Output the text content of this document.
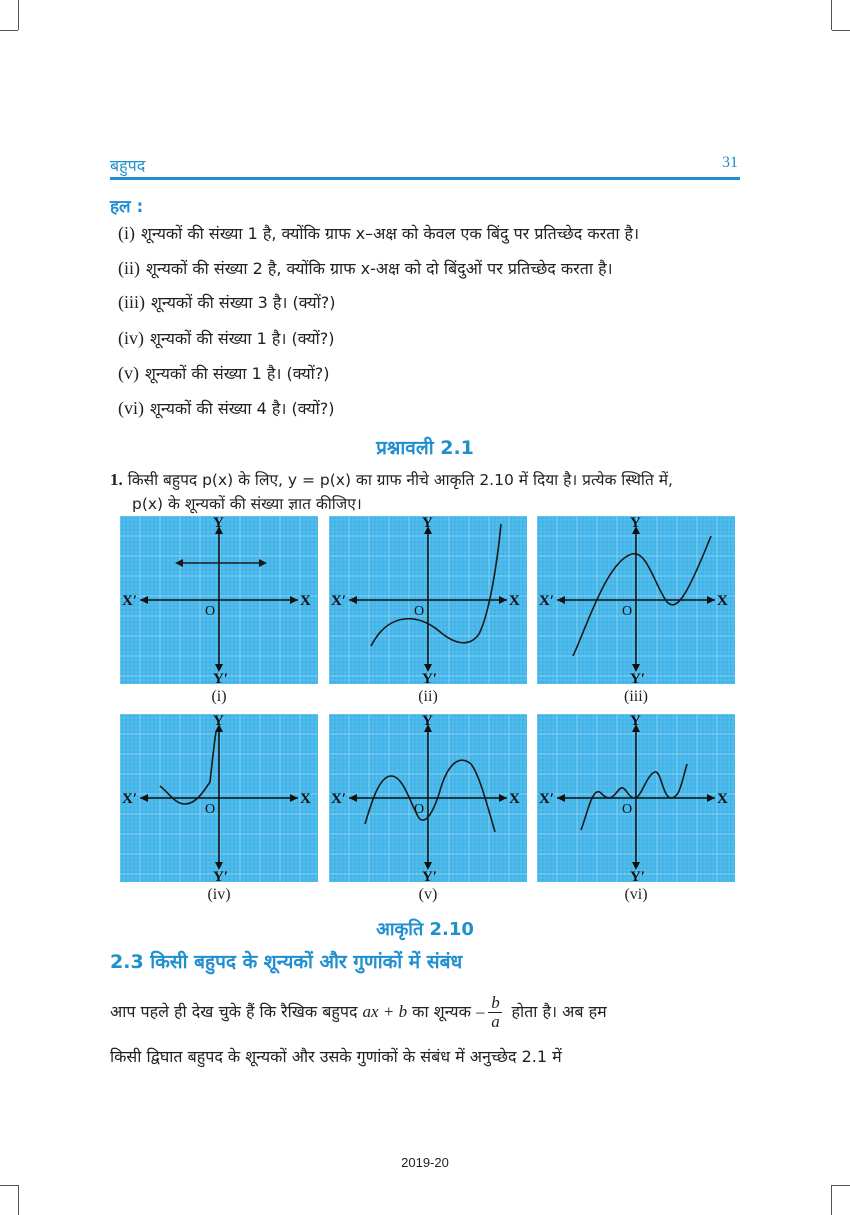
बहुपद	31
हल :
(i) शून्यकों की संख्या 1 है, क्योंकि ग्राफ x–अक्ष को केवल एक बिंदु पर प्रतिच्छेद करता है।
(ii) शून्यकों की संख्या 2 है, क्योंकि ग्राफ x-अक्ष को दो बिंदुओं पर प्रतिच्छेद करता है।
(iii) शून्यकों की संख्या 3 है। (क्यों?)
(iv) शून्यकों की संख्या 1 है। (क्यों?)
(v) शून्यकों की संख्या 1 है। (क्यों?)
(vi) शून्यकों की संख्या 4 है। (क्यों?)
प्रश्नावली 2.1
1. किसी बहुपद p(x) के लिए, y = p(x) का ग्राफ नीचे आकृति 2.10 में दिया है। प्रत्येक स्थिति में,
p(x) के शून्यकों की संख्या ज्ञात कीजिए।
X
X′
Y
Y′
O
X
X′
Y
Y′
O
X
X′
Y
Y′
O
X
X′
Y
Y′
O
X
X′
Y
Y′
O
X
X′
Y
Y′
O
(i)	(ii)	(iii)
(iv)	(v)	(vi)
आकृति 2.10
2.3 किसी बहुपद के शून्यकों और गुणांकों में संबंध
आप पहले ही देख चुके हैं कि रैखिक बहुपद ax + b का शून्यक – $\frac{b}{a}$ होता है। अब हम
किसी द्विघात बहुपद के शून्यकों और उसके गुणांकों के संबंध में अनुच्छेद 2.1 में
2019-20
